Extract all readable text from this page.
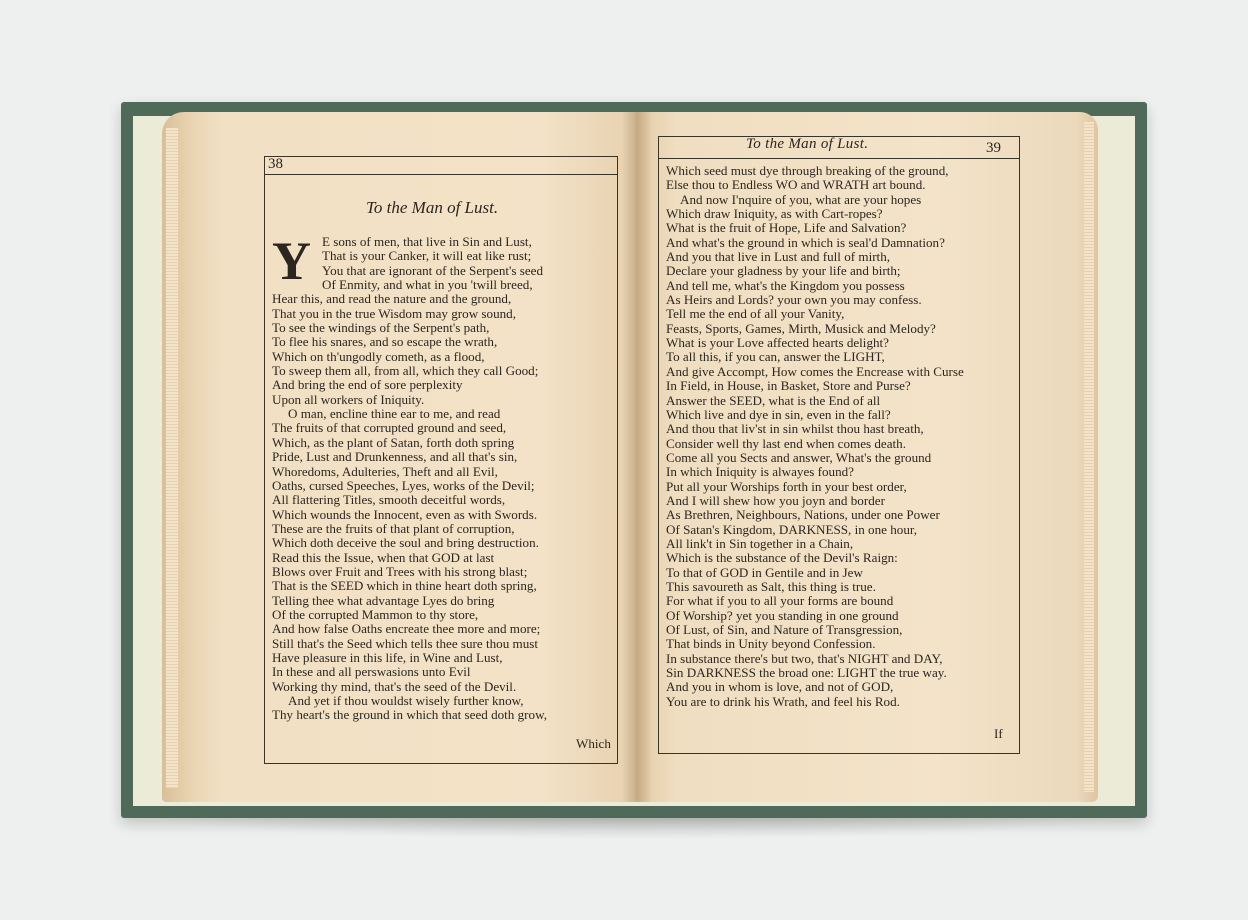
38
To the Man of Lust.
Y E sons of men, that live in Sin and Lust,
That is your Canker, it will eat like rust;
You that are ignorant of the Serpent's seed
Of Enmity, and what in you 'twill breed,
Hear this, and read the nature and the ground,
That you in the true Wisdom may grow sound,
To see the windings of the Serpent's path,
To flee his snares, and so escape the wrath,
Which on th'ungodly cometh, as a flood,
To sweep them all, from all, which they call Good;
And bring the end of sore perplexity
Upon all workers of Iniquity.
O man, encline thine ear to me, and read
The fruits of that corrupted ground and seed,
Which, as the plant of Satan, forth doth spring
Pride, Lust and Drunkenness, and all that's sin,
Whoredoms, Adulteries, Theft and all Evil,
Oaths, cursed Speeches, Lyes, works of the Devil;
All flattering Titles, smooth deceitful words,
Which wounds the Innocent, even as with Swords.
These are the fruits of that plant of corruption,
Which doth deceive the soul and bring destruction.
Read this the Issue, when that GOD at last
Blows over Fruit and Trees with his strong blast;
That is the SEED which in thine heart doth spring,
Telling thee what advantage Lyes do bring
Of the corrupted Mammon to thy store,
And how false Oaths encreate thee more and more;
Still that's the Seed which tells thee sure thou must
Have pleasure in this life, in Wine and Lust,
In these and all perswasions unto Evil
Working thy mind, that's the seed of the Devil.
And yet if thou wouldst wisely further know,
Thy heart's the ground in which that seed doth grow,
Which
To the Man of Lust.	39
Which seed must dye through breaking of the ground,
Else thou to Endless WO and WRATH art bound.
And now I'nquire of you, what are your hopes
Which draw Iniquity, as with Cart-ropes?
What is the fruit of Hope, Life and Salvation?
And what's the ground in which is seal'd Damnation?
And you that live in Lust and full of mirth,
Declare your gladness by your life and birth;
And tell me, what's the Kingdom you possess
As Heirs and Lords? your own you may confess.
Tell me the end of all your Vanity,
Feasts, Sports, Games, Mirth, Musick and Melody?
What is your Love affected hearts delight?
To all this, if you can, answer the LIGHT,
And give Accompt, How comes the Encrease with Curse
In Field, in House, in Basket, Store and Purse?
Answer the SEED, what is the End of all
Which live and dye in sin, even in the fall?
And thou that liv'st in sin whilst thou hast breath,
Consider well thy last end when comes death.
Come all you Sects and answer, What's the ground
In which Iniquity is alwayes found?
Put all your Worships forth in your best order,
And I will shew how you joyn and border
As Brethren, Neighbours, Nations, under one Power
Of Satan's Kingdom, DARKNESS, in one hour,
All link't in Sin together in a Chain,
Which is the substance of the Devil's Raign:
To that of GOD in Gentile and in Jew
This savoureth as Salt, this thing is true.
For what if you to all your forms are bound
Of Worship? yet you standing in one ground
Of Lust, of Sin, and Nature of Transgression,
That binds in Unity beyond Confession.
In substance there's but two, that's NIGHT and DAY,
Sin DARKNESS the broad one: LIGHT the true way.
And you in whom is love, and not of GOD,
You are to drink his Wrath, and feel his Rod.
If
